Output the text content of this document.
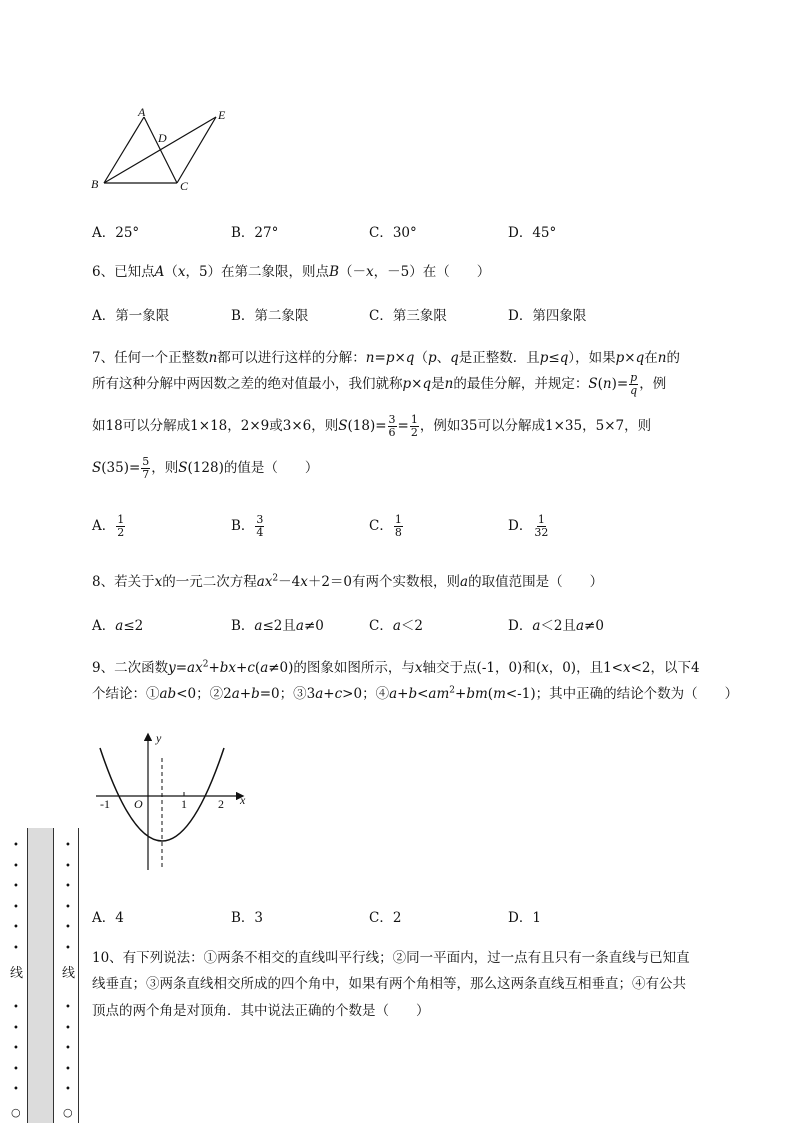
A
B	C
D
E
A．25°	B．27°	C．30°	D．45°
6、已知点A（x，5）在第二象限，则点B（－x，－5）在（　　）
A．第一象限	B．第二象限	C．第三象限	D．第四象限
7、任何一个正整数n都可以进行这样的分解：n=p×q（p、q是正整数．且p≤q），如果p×q在n的
所有这种分解中两因数之差的绝对值最小，我们就称p×q是n的最佳分解，并规定：$S(n)= \frac{p}{q}$ ，例
如18可以分解成1×18，2×9或3×6，则$S(18)= \frac{3}{6} = \frac{1}{2}$ ，例如35可以分解成1×35，5×7，则
$S(35)= \frac{5}{7}$ ，则S(128)的值是（　　）
A． $\frac{1}{2}$	B． $\frac{3}{4}$	C． $\frac{1}{8}$	D． $\frac{1}{32}$
8、若关于x的一元二次方程$ax^2-4x+2=0$有两个实数根，则a的取值范围是（　　）
A．a≤2	B．a≤2且a≠0	C．a＜2	D．a＜2且a≠0
9、二次函数$y=ax^2+bx+c(a\ne 0)$的图象如图所示，与x轴交于点(-1，0)和(x，0)，且1<x<2，以下4
个结论：①ab<0；②2a+b=0；③3a+c>0；$④a+b<am^2+bm(m<-1)$；其中正确的结论个数为（　　）
y
x
O
-1	1	2
A．4	B．3	C．2	D．1
10、有下列说法：①两条不相交的直线叫平行线；②同一平面内，过一点有且只有一条直线与已知直
线垂直；③两条直线相交所成的四个角中，如果有两个角相等，那么这两条直线互相垂直；④有公共
顶点的两个角是对顶角．其中说法正确的个数是（　　）
•
•
•
•
•
•
线
•
•
•
•
•
○
•
•
•
•
•
•
线
•
•
•
•
•
○
